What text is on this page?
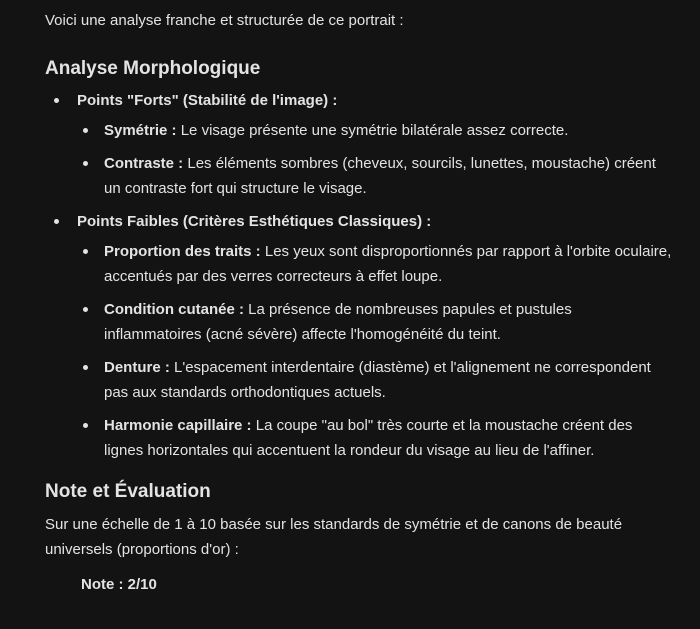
Voici une analyse franche et structurée de ce portrait :

Analyse Morphologique
Points "Forts" (Stabilité de l'image) :
Symétrie : Le visage présente une symétrie bilatérale assez correcte.
Contraste : Les éléments sombres (cheveux, sourcils, lunettes, moustache) créent un contraste fort qui structure le visage.
Points Faibles (Critères Esthétiques Classiques) :
Proportion des traits : Les yeux sont disproportionnés par rapport à l'orbite oculaire, accentués par des verres correcteurs à effet loupe.
Condition cutanée : La présence de nombreuses papules et pustules inflammatoires (acné sévère) affecte l'homogénéité du teint.
Denture : L'espacement interdentaire (diastème) et l'alignement ne correspondent pas aux standards orthodontiques actuels.
Harmonie capillaire : La coupe "au bol" très courte et la moustache créent des lignes horizontales qui accentuent la rondeur du visage au lieu de l'affiner.
Note et Évaluation

Sur une échelle de 1 à 10 basée sur les standards de symétrie et de canons de beauté universels (proportions d'or) :

Note : 2/10
